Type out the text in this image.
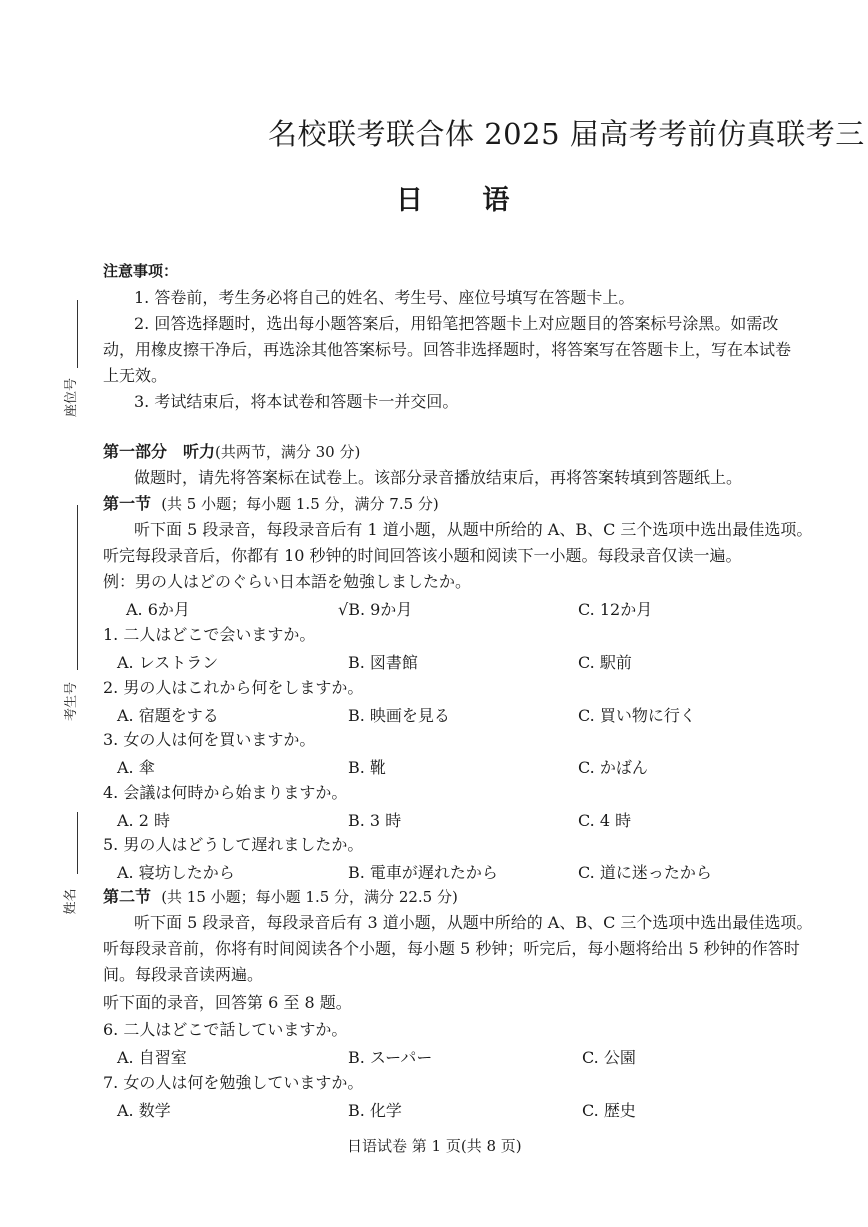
名校联考联合体 2025 届高考考前仿真联考三
日 语
座位号
考生号
姓名
注意事项：
1. 答卷前，考生务必将自己的姓名、考生号、座位号填写在答题卡上。
2. 回答选择题时，选出每小题答案后，用铅笔把答题卡上对应题目的答案标号涂黑。如需改
动，用橡皮擦干净后，再选涂其他答案标号。回答非选择题时，将答案写在答题卡上，写在本试卷
上无效。
3. 考试结束后，将本试卷和答题卡一并交回。
第一部分　听力(共两节，满分 30 分)
做题时，请先将答案标在试卷上。该部分录音播放结束后，再将答案转填到答题纸上。
第一节 (共 5 小题；每小题 1.5 分，满分 7.5 分)
听下面 5 段录音，每段录音后有 1 道小题，从题中所给的 A、B、C 三个选项中选出最佳选项。
听完每段录音后，你都有 10 秒钟的时间回答该小题和阅读下一小题。每段录音仅读一遍。
例：男の人はどのぐらい日本語を勉強しましたか。
A. 6か月	√B. 9か月	C. 12か月
1. 二人はどこで会いますか。
A. レストラン	B. 図書館	C. 駅前
2. 男の人はこれから何をしますか。
A. 宿題をする	B. 映画を見る	C. 買い物に行く
3. 女の人は何を買いますか。
A. 傘	B. 靴	C. かばん
4. 会議は何時から始まりますか。
A. 2 時	B. 3 時	C. 4 時
5. 男の人はどうして遅れましたか。
A. 寝坊したから	B. 電車が遅れたから	C. 道に迷ったから
第二节 (共 15 小题；每小题 1.5 分，满分 22.5 分)
听下面 5 段录音，每段录音后有 3 道小题，从题中所给的 A、B、C 三个选项中选出最佳选项。
听每段录音前，你将有时间阅读各个小题，每小题 5 秒钟；听完后，每小题将给出 5 秒钟的作答时
间。每段录音读两遍。
听下面的录音，回答第 6 至 8 题。
6. 二人はどこで話していますか。
A. 自習室	B. スーパー	C. 公園
7. 女の人は何を勉強していますか。
A. 数学	B. 化学	C. 歴史
日语试卷 第 1 页(共 8 页)
